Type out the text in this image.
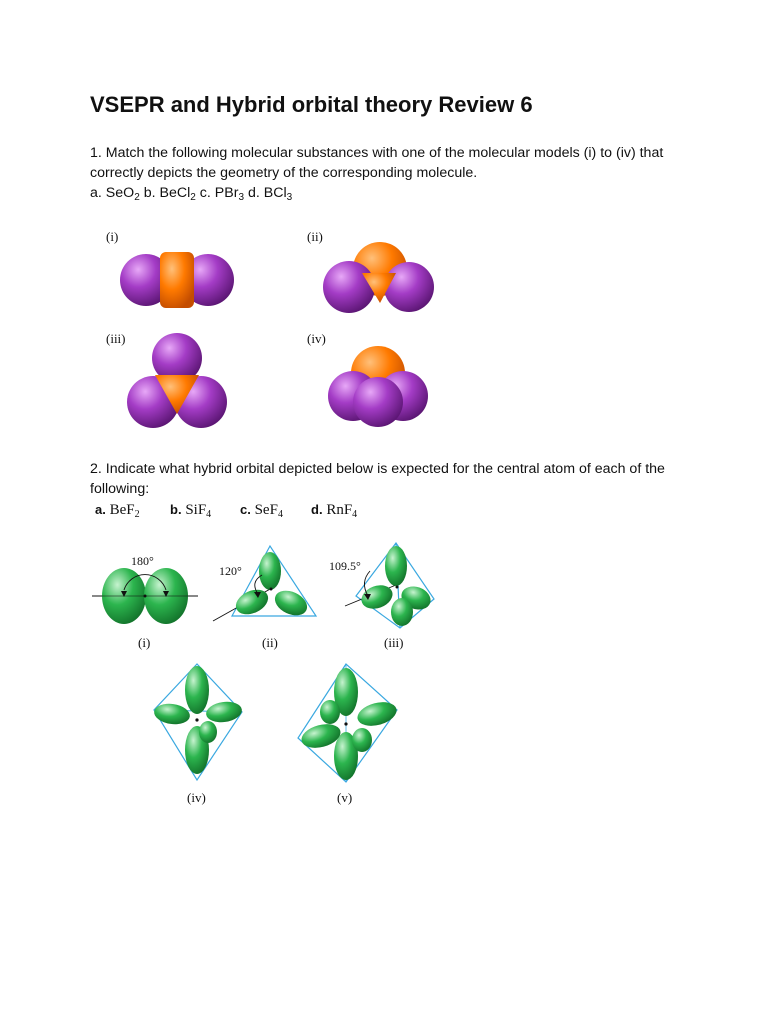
VSEPR and Hybrid orbital theory Review 6
1. Match the following molecular substances with one of the molecular models (i) to (iv) that
correctly depicts the geometry of the corresponding molecule.
a. SeO$_2$ b. BeCl$_2$ c. PBr$_3$ d. BCl$_3$
(i)	(ii)
(iii)	(iv)
2. Indicate what hybrid orbital depicted below is expected for the central atom of each of the
following:
a. BeF$_2$ b. SiF$_4$ c. SeF$_4$ d. RnF$_4$
(i)	(ii)	(iii)
(iv)	(v)
180°
120°	109.5°
